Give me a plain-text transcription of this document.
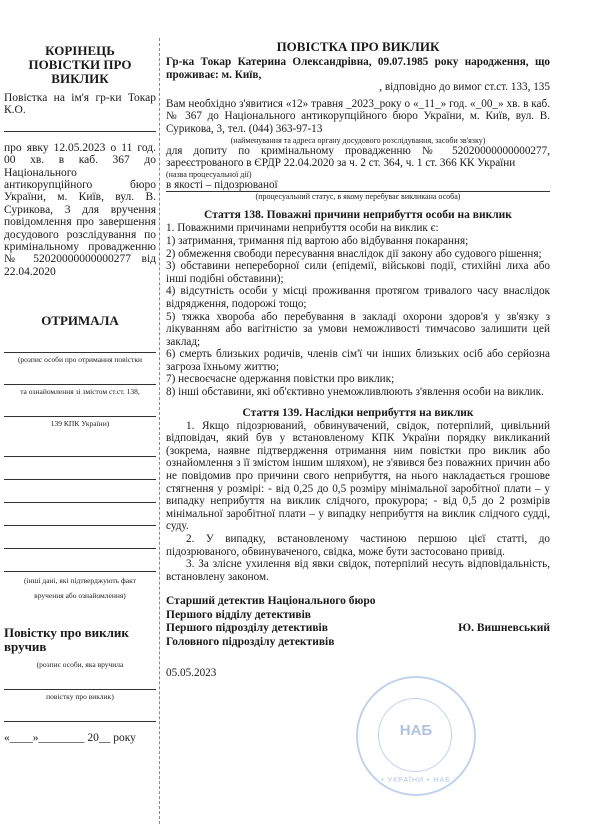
КОРІНЕЦЬ ПОВІСТКИ ПРО ВИКЛИК

Повістка на ім'я гр-ки Токар К.О.

про явку 12.05.2023 о 11 год. 00 хв. в каб. 367 до Національного антикорупційного бюро України, м. Київ, вул. В. Сурикова, 3 для вручення повідомлення про завершення досудового розслідування по кримінальному провадженню № 52020000000000277 від 22.04.2020

ОТРИМАЛА

(розпис особи про отримання повістки

та ознайомлення зі змістом ст.ст. 138,

139 КПК України)

(інші дані, які підтверджують факт

вручення або ознайомлення)

Повістку про виклик вручив

(розпис особи, яка вручила

повістку про виклик)

«____»________ 20__ року

ПОВІСТКА ПРО ВИКЛИК

Гр-ка Токар Катерина Олександрівна, 09.07.1985 року народження, що проживає: м. Київ,

, відповідно до вимог ст.ст. 133, 135

Вам необхідно з'явитися «12» травня _2023_року о «_11_» год. «_00_» хв. в каб. № 367 до Національного антикорупційного бюро України, м. Київ, вул. В. Сурикова, 3, тел. (044) 363-97-13

(найменування та адреса органу досудового розслідування, засоби зв'язку)

для допиту по кримінальному провадженню № 52020000000000277, зареєстрованого в ЄРДР 22.04.2020 за ч. 2 ст. 364, ч. 1 ст. 366 КК України

(назва процесуальної дії)

в якості – підозрюваної

(процесуальний статус, в якому перебуває викликана особа)

Стаття 138. Поважні причини неприбуття особи на виклик

1. Поважними причинами неприбуття особи на виклик є:

1) затримання, тримання під вартою або відбування покарання;

2) обмеження свободи пересування внаслідок дії закону або судового рішення;

3) обставини непереборної сили (епідемії, військові події, стихійні лиха або інші подібні обставини);

4) відсутність особи у місці проживання протягом тривалого часу внаслідок відрядження, подорожі тощо;

5) тяжка хвороба або перебування в закладі охорони здоров'я у зв'язку з лікуванням або вагітністю за умови неможливості тимчасово залишити цей заклад;

6) смерть близьких родичів, членів сім'ї чи інших близьких осіб або серйозна загроза їхньому життю;

7) несвоєчасне одержання повістки про виклик;

8) інші обставини, які об'єктивно унеможливлюють з'явлення особи на виклик.

Стаття 139. Наслідки неприбуття на виклик

1. Якщо підозрюваний, обвинувачений, свідок, потерпілий, цивільний відповідач, який був у встановленому КПК України порядку викликаний (зокрема, наявне підтвердження отримання ним повістки про виклик або ознайомлення з її змістом іншим шляхом), не з'явився без поважних причин або не повідомив про причини свого неприбуття, на нього накладається грошове стягнення у розмірі: - від 0,25 до 0,5 розміру мінімальної заробітної плати – у випадку неприбуття на виклик слідчого, прокурора; - від 0,5 до 2 розмірів мінімальної заробітної плати – у випадку неприбуття на виклик слідчого судді, суду.

2. У випадку, встановленому частиною першою цієї статті, до підозрюваного, обвинуваченого, свідка, може бути застосовано привід.

3. За злісне ухилення від явки свідок, потерпілий несуть відповідальність, встановлену законом.

Старший детектив Національного бюро

Першого відділу детективів

Першого підрозділу детективів

Головного підрозділу детективів

Ю. Вишневський

05.05.2023

НАБ
• УКРАЇНИ • НАБ
